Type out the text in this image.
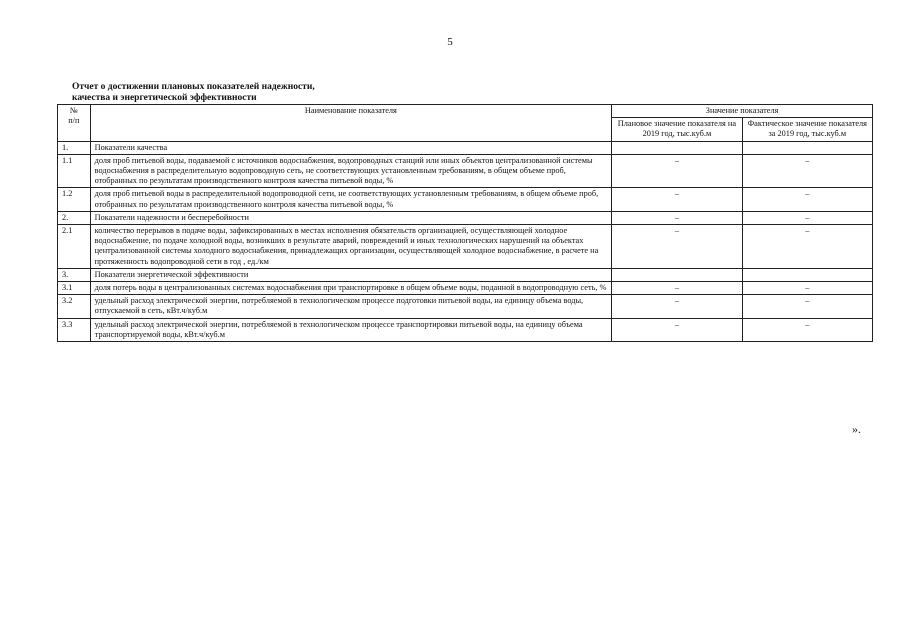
5
Отчет о достижении плановых показателей надежности,
качества и энергетической эффективности
№
п/п	Наименование показателя	Значение показателя	
		Плановое значение показателя на 2019 год, тыс.куб.м	Фактическое значение показателя за 2019 год, тыс.куб.м
1.	Показатели качества		
1.1	доля проб питьевой воды, подаваемой с источников водоснабжения, водопроводных станций или иных объектов централизованной системы водоснабжения в распределительную водопроводную сеть, не соответствующих установленным требованиям, в общем объеме проб, отобранных по результатам производственного контроля качества питьевой воды, %	–	–
1.2	доля проб питьевой воды в распределительной водопроводной сети, не соответствующих установленным требованиям, в общем объеме проб, отобранных по результатам производственного контроля качества питьевой воды, %	–	–
2.	Показатели надежности и бесперебойности	–	–
2.1	количество перерывов в подаче воды, зафиксированных в местах исполнения обязательств организацией, осуществляющей холодное водоснабжение, по подаче холодной воды, возникших в результате аварий, повреждений и иных технологических нарушений на объектах централизованной системы холодного водоснабжения, принадлежащих организации, осуществляющей холодное водоснабжение, в расчете на протяженность водопроводной сети в год , ед./км	–	–
3.	Показатели энергетической эффективности		
3.1	доля потерь воды в централизованных системах водоснабжения при транспортировке в общем объеме воды, поданной в водопроводную сеть, %	–	–
3.2	удельный расход электрической энергии, потребляемой в технологическом процессе подготовки питьевой воды, на единицу объема воды, отпускаемой в сеть, кВт.ч/куб.м	–	–
3.3	удельный расход электрической энергии, потребляемой в технологическом процессе транспортировки питьевой воды, на единицу объема транспортируемой воды, кВт.ч/куб.м	–	–
».
